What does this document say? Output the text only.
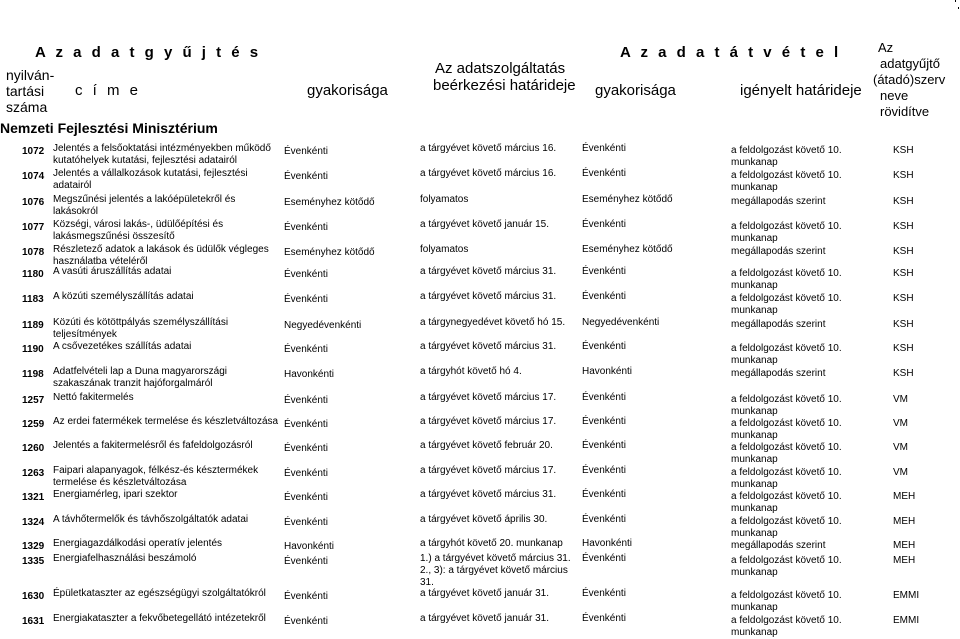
nyilván-
tartási
száma
A z a d a t g y ű j t é s
c í m e	gyakorisága
Az adatszolgáltatás
beérkezési határideje
A z a d a t á t v é t e l
gyakorisága	igényelt határideje
Az
adatgyűjtő
(átadó)szerv
neve
rövidítve
Nemzeti Fejlesztési Minisztérium
1072 Jelentés a felsőoktatási intézményekben működő
kutatóhelyek kutatási, fejlesztési adatairól
Évenkénti	a tárgyévet követő március 16.	Évenkénti	a feldolgozást követő 10.
munkanap
KSH
1074 Jelentés a vállalkozások kutatási, fejlesztési
adatairól
Évenkénti	a tárgyévet követő március 16.	Évenkénti	a feldolgozást követő 10.
munkanap
KSH
1076 Megszűnési jelentés a lakóépületekről és
lakásokról
Eseményhez kötődő	folyamatos	Eseményhez kötődő	megállapodás szerint	KSH
1077 Községi, városi lakás-, üdülőépítési és
lakásmegszűnési összesítő
Évenkénti	a tárgyévet követő január 15.	Évenkénti	a feldolgozást követő 10.
munkanap
KSH
1078 Részletező adatok a lakások és üdülők végleges
használatba vételéről
Eseményhez kötődő	folyamatos	Eseményhez kötődő	megállapodás szerint	KSH
1180 A vasúti áruszállítás adatai	Évenkénti	a tárgyévet követő március 31.	Évenkénti	a feldolgozást követő 10.
munkanap
KSH
1183 A közúti személyszállítás adatai	Évenkénti	a tárgyévet követő március 31.	Évenkénti	a feldolgozást követő 10.
munkanap
KSH
1189 Közúti és kötöttpályás személyszállítási
teljesítmények
Negyedévenkénti	a tárgynegyedévet követő hó 15.	Negyedévenkénti	megállapodás szerint	KSH
1190 A csővezetékes szállítás adatai	Évenkénti	a tárgyévet követő március 31.	Évenkénti	a feldolgozást követő 10.
munkanap
KSH
1198 Adatfelvételi lap a Duna magyarországi
szakaszának tranzit hajóforgalmáról
Havonkénti	a tárgyhót követő hó 4.	Havonkénti	megállapodás szerint	KSH
1257 Nettó fakitermelés	Évenkénti	a tárgyévet követő március 17.	Évenkénti	a feldolgozást követő 10.
munkanap
VM
1259 Az erdei fatermékek termelése és készletváltozása Évenkénti	a tárgyévet követő március 17.	Évenkénti	a feldolgozást követő 10.
munkanap
VM
1260 Jelentés a fakitermelésről és fafeldolgozásról	Évenkénti	a tárgyévet követő február 20.	Évenkénti	a feldolgozást követő 10.
munkanap
VM
1263 Faipari alapanyagok, félkész-és késztermékek
termelése és készletváltozása
Évenkénti	a tárgyévet követő március 17.	Évenkénti	a feldolgozást követő 10.
munkanap
VM
1321 Energiamérleg, ipari szektor	Évenkénti	a tárgyévet követő március 31.	Évenkénti	a feldolgozást követő 10.
munkanap
MEH
1324 A távhőtermelők és távhőszolgáltatók adatai	Évenkénti	a tárgyévet követő április 30.	Évenkénti	a feldolgozást követő 10.
munkanap
MEH
1329 Energiagazdálkodási operatív jelentés	Havonkénti	a tárgyhót követő 20. munkanap	Havonkénti	megállapodás szerint	MEH
1335 Energiafelhasználási beszámoló	Évenkénti	1.) a tárgyévet követő március 31. 2., 3): a tárgyévet követő március 31.
Évenkénti	a feldolgozást követő 10.
munkanap
MEH
1630 Épületkataszter az egészségügyi szolgáltatókról	Évenkénti	a tárgyévet követő január 31.	Évenkénti	a feldolgozást követő 10.
munkanap
EMMI
1631 Energiakataszter a fekvőbetegellátó intézetekről	Évenkénti	a tárgyévet követő január 31.	Évenkénti	a feldolgozást követő 10.
munkanap
EMMI
